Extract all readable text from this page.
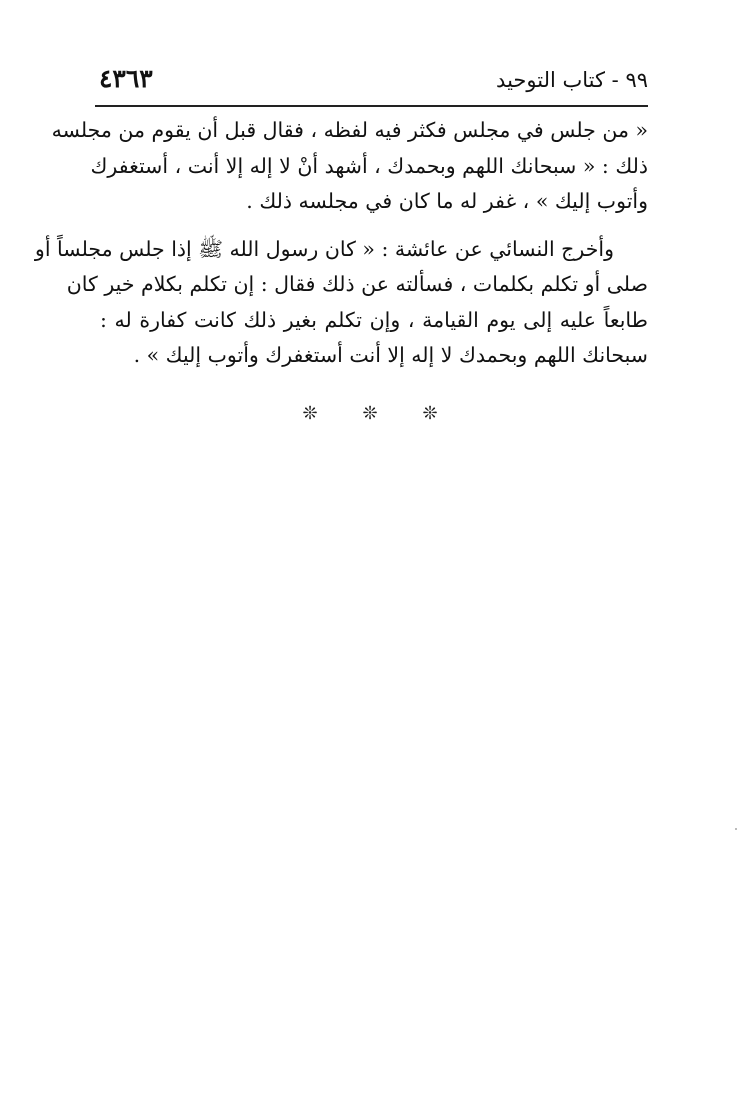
٤٣٦٣	٩٩ - كتاب التوحيد
« من جلس في مجلس فكثر فيه لفظه ، فقال قبل أن يقوم من مجلسه
ذلك : « سبحانك اللهم وبحمدك ، أشهد أنْ لا إله إلا أنت ، أستغفرك
وأتوب إليك » ، غفر له ما كان في مجلسه ذلك .
وأخرج النسائي عن عائشة : « كان رسول الله ﷺ إذا جلس مجلساً أو
صلى أو تكلم بكلمات ، فسألته عن ذلك فقال : إن تكلم بكلام خير كان
طابعاً عليه إلى يوم القيامة ، وإن تكلم بغير ذلك كانت كفارة له :
سبحانك اللهم وبحمدك لا إله إلا أنت أستغفرك وأتوب إليك » .
❊ ❊ ❊
